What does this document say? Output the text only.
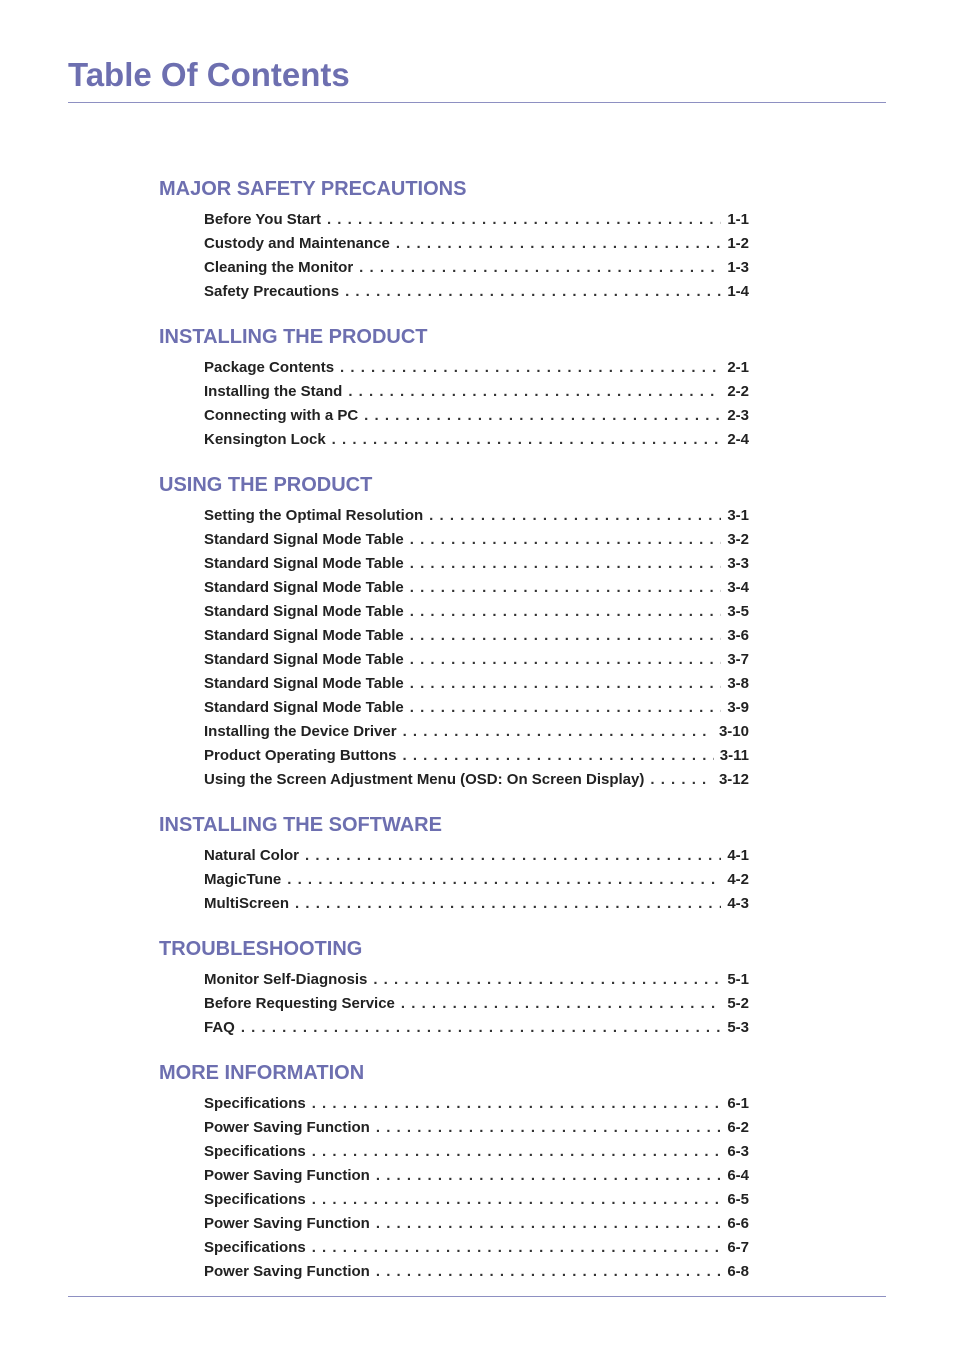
Table Of Contents
MAJOR SAFETY PRECAUTIONS
Before You Start . . .	1-1
Custody and Maintenance . . .	1-2
Cleaning the Monitor . . .	1-3
Safety Precautions . . .	1-4
INSTALLING THE PRODUCT
Package Contents . . .	2-1
Installing the Stand . . .	2-2
Connecting with a PC . . .	2-3
Kensington Lock . . .	2-4
USING THE PRODUCT
Setting the Optimal Resolution . . .	3-1
Standard Signal Mode Table . . .	3-2
Standard Signal Mode Table . . .	3-3
Standard Signal Mode Table . . .	3-4
Standard Signal Mode Table . . .	3-5
Standard Signal Mode Table . . .	3-6
Standard Signal Mode Table . . .	3-7
Standard Signal Mode Table . . .	3-8
Standard Signal Mode Table . . .	3-9
Installing the Device Driver . . .	3-10
Product Operating Buttons . . .	3-11
Using the Screen Adjustment Menu (OSD: On Screen Display) . . .	3-12
INSTALLING THE SOFTWARE
Natural Color . . .	4-1
MagicTune . . .	4-2
MultiScreen . . .	4-3
TROUBLESHOOTING
Monitor Self-Diagnosis . . .	5-1
Before Requesting Service . . .	5-2
FAQ . . .	5-3
MORE INFORMATION
Specifications . . .	6-1
Power Saving Function . . .	6-2
Specifications . . .	6-3
Power Saving Function . . .	6-4
Specifications . . .	6-5
Power Saving Function . . .	6-6
Specifications . . .	6-7
Power Saving Function . . .	6-8
